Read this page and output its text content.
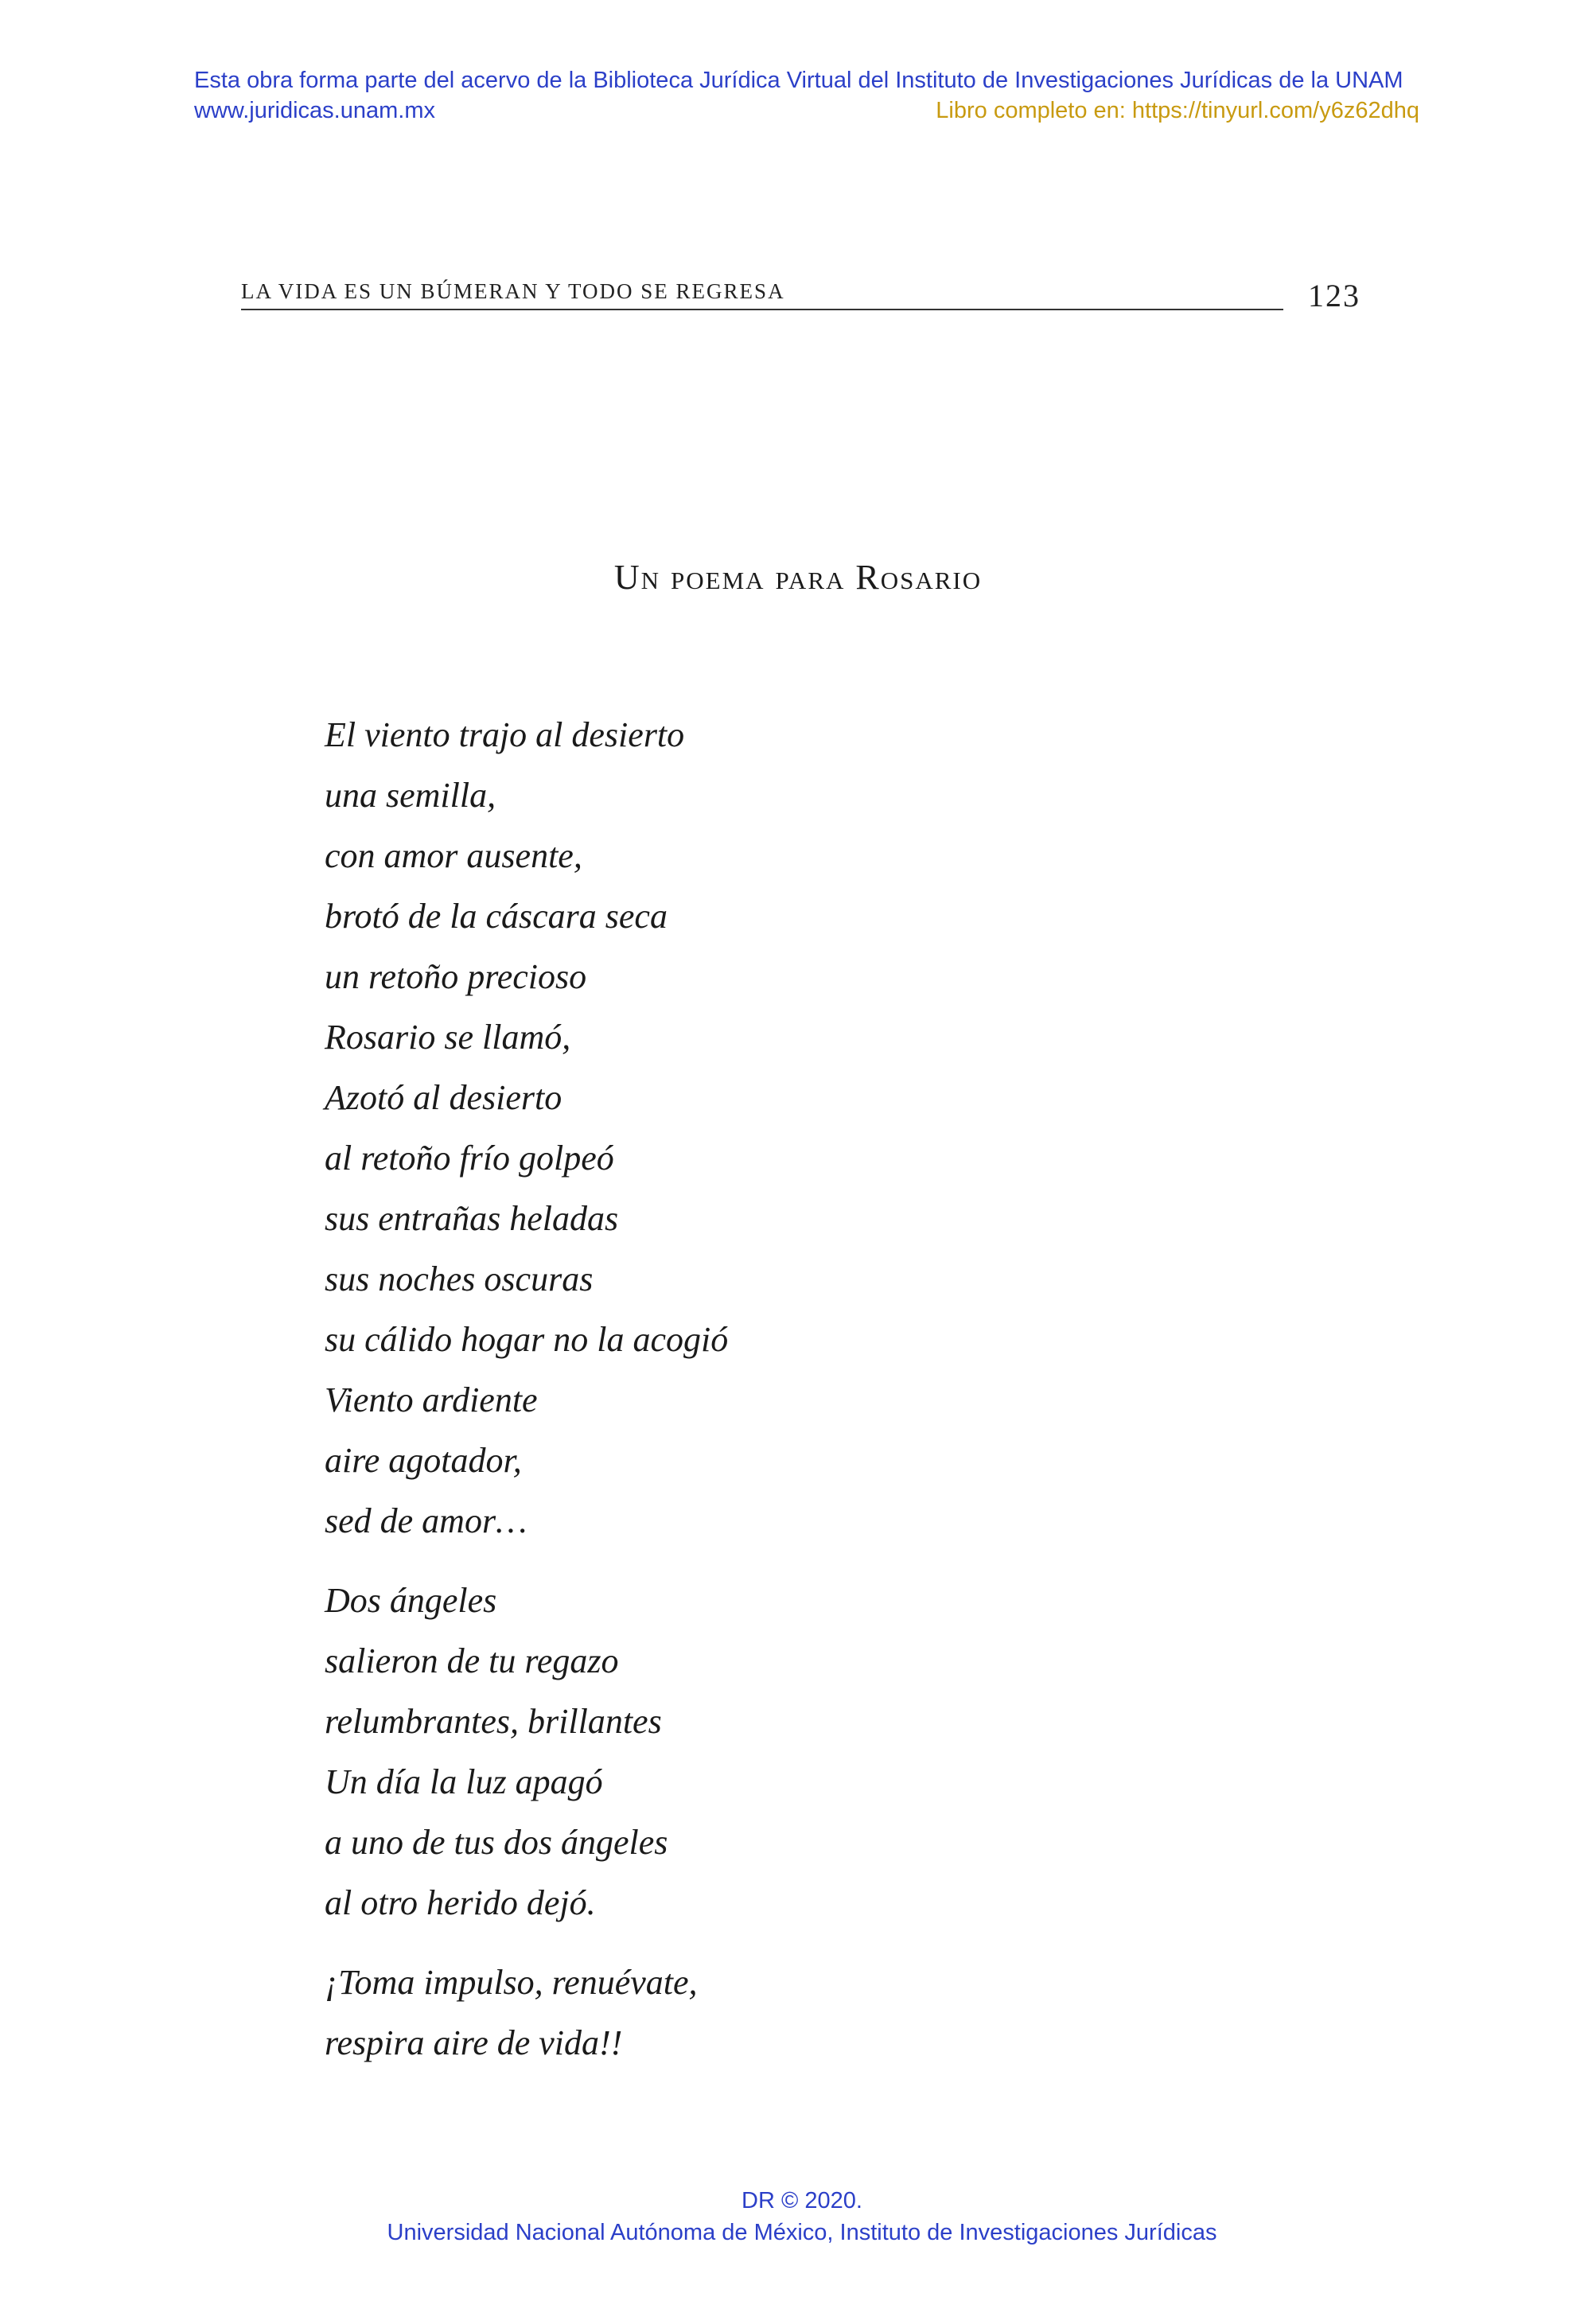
Esta obra forma parte del acervo de la Biblioteca Jurídica Virtual del Instituto de Investigaciones Jurídicas de la UNAM
www.juridicas.unam.mx	Libro completo en: https://tinyurl.com/y6z62dhq
LA VIDA ES UN BÚMERAN Y TODO SE REGRESA	123
Un poema para Rosario
El viento trajo al desierto
una semilla,
con amor ausente,
brotó de la cáscara seca
un retoño precioso
Rosario se llamó,
Azotó al desierto
al retoño frío golpeó
sus entrañas heladas
sus noches oscuras
su cálido hogar no la acogió
Viento ardiente
aire agotador,
sed de amor…
Dos ángeles
salieron de tu regazo
relumbrantes, brillantes
Un día la luz apagó
a uno de tus dos ángeles
al otro herido dejó.
¡Toma impulso, renuévate,
respira aire de vida!!
DR © 2020.
Universidad Nacional Autónoma de México, Instituto de Investigaciones Jurídicas
